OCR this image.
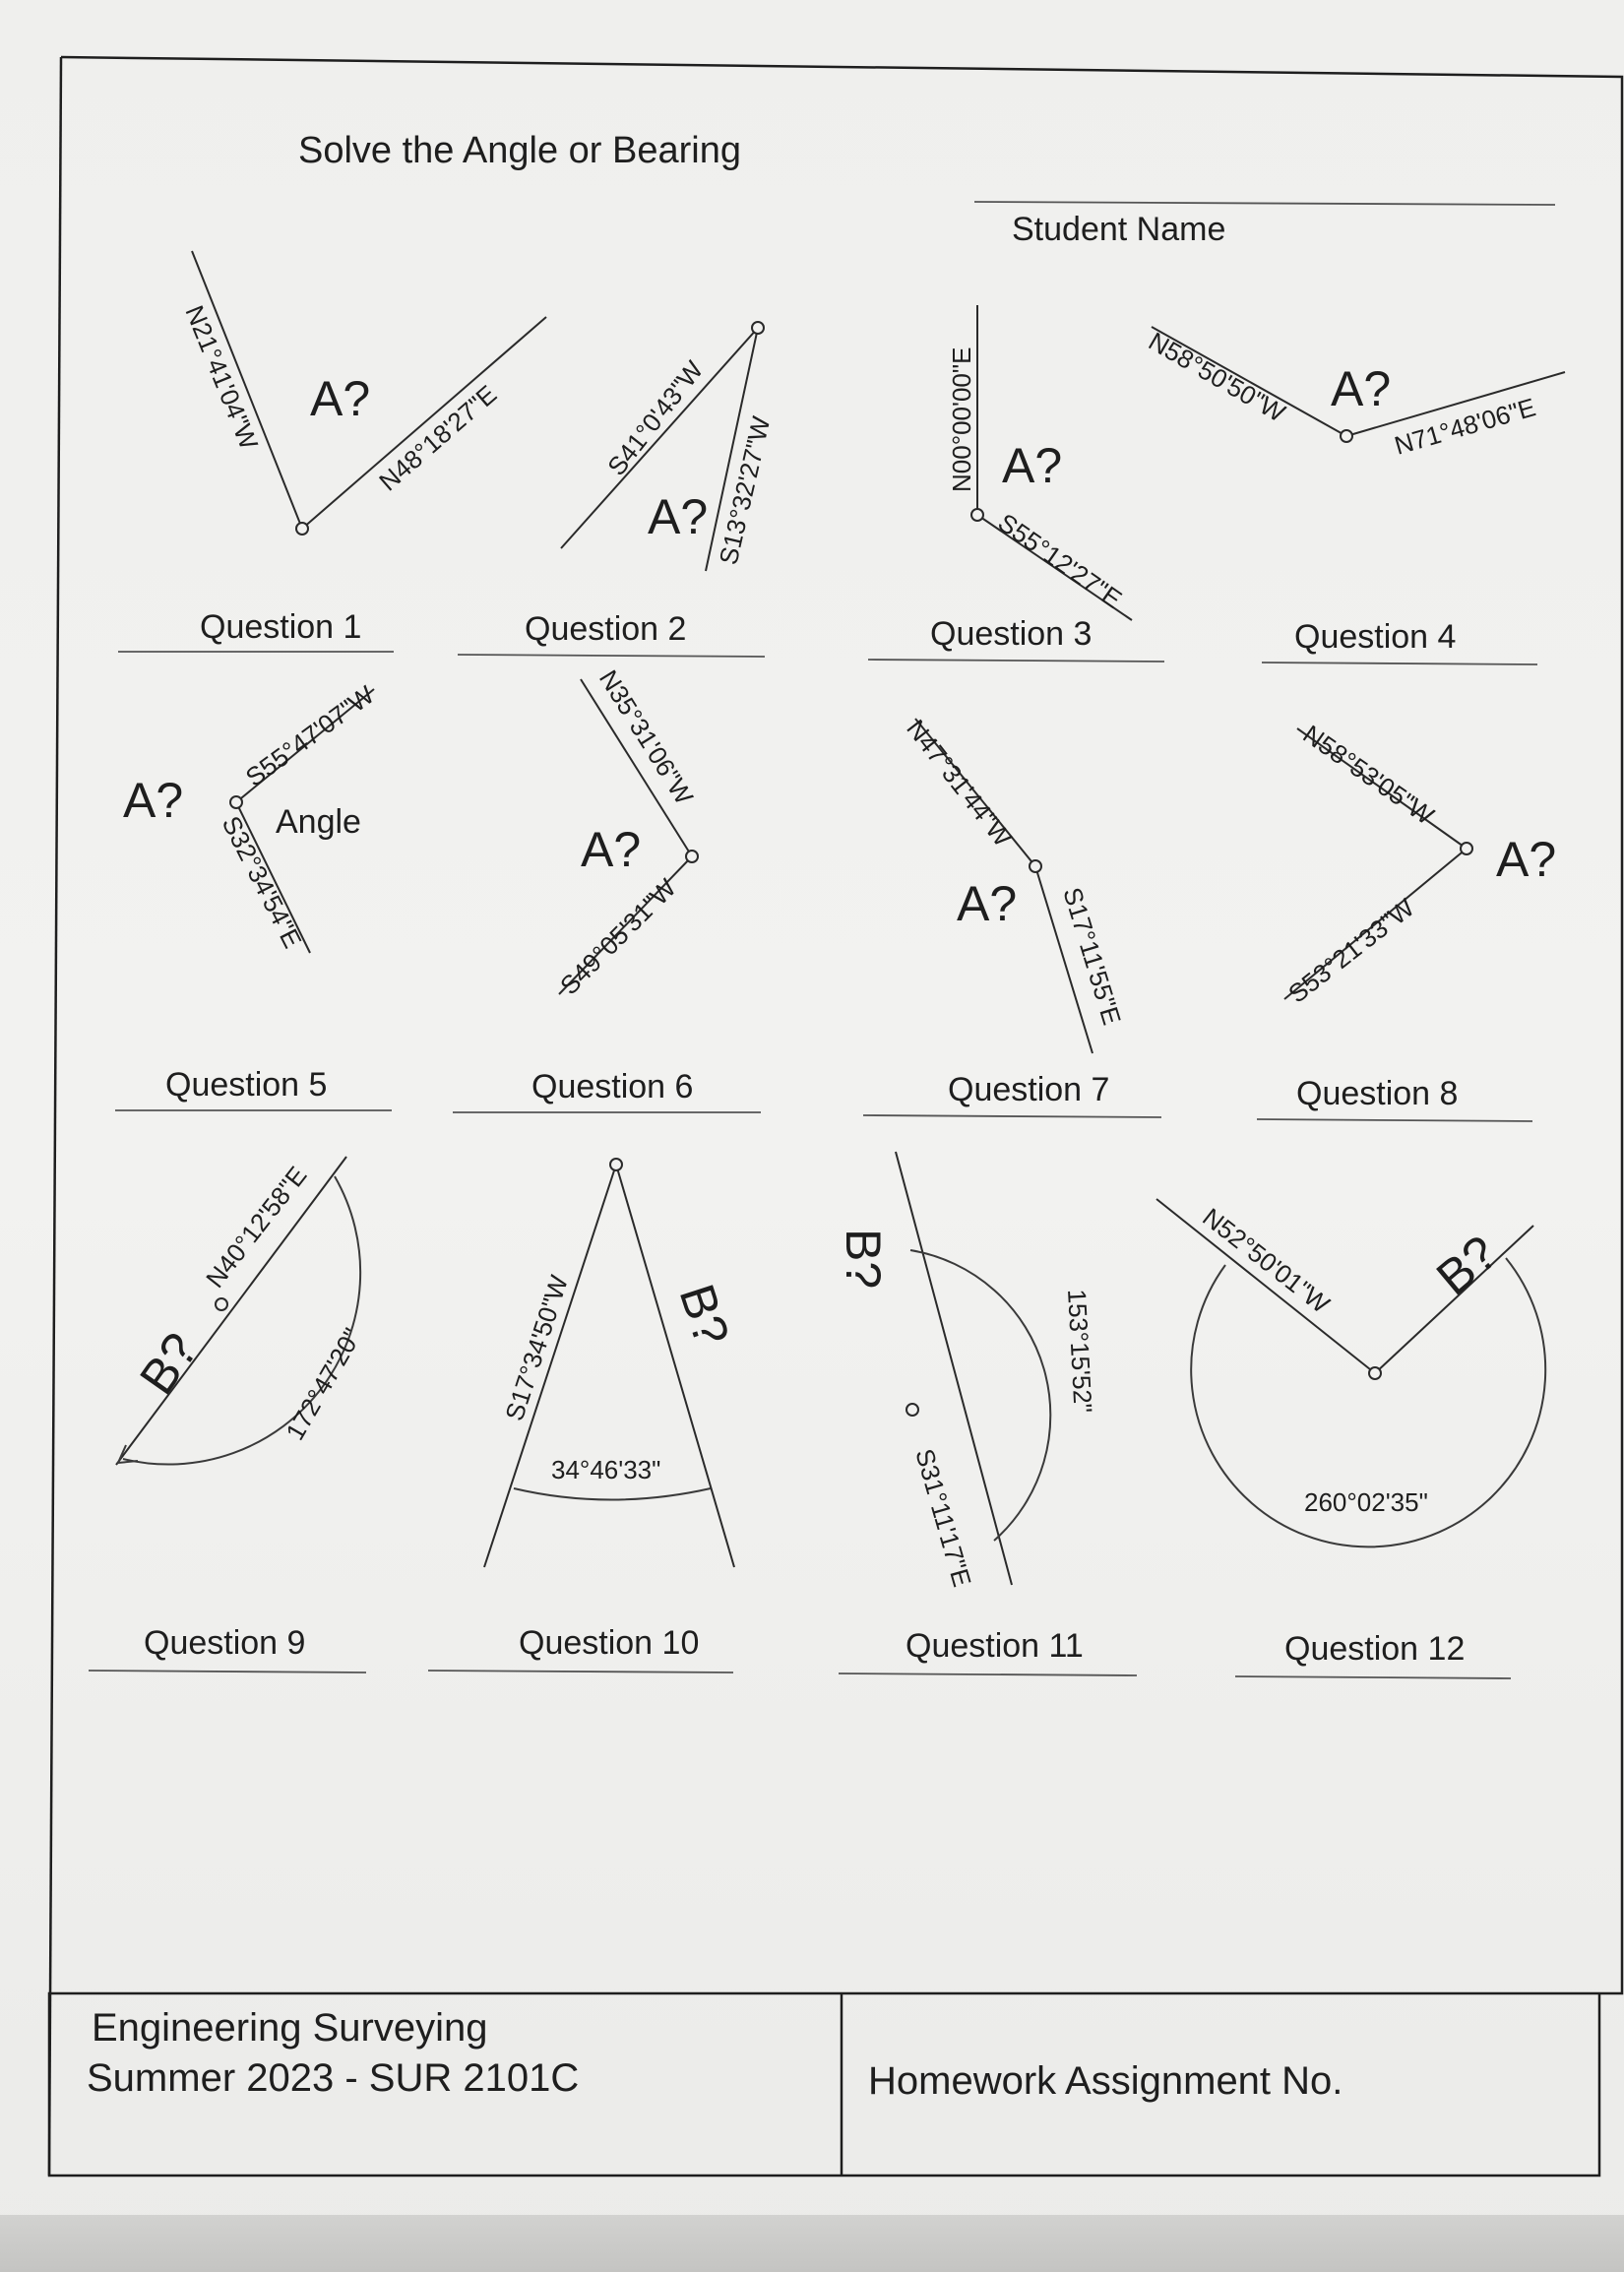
Solve the Angle or Bearing
Student Name
N21°41'04"W	N48°18'27"E
A?
Question 1
S41°0'43"W S13°32'27"W
A?
Question 2
N00°00'00"E
S55°12'27"E
A?
Question 3
N58°50'50"W	N71°48'06"E
A?
Question 4
S55°47'07"W
S32°34'54"E
A?	Angle
Question 5
N35°31'06"W
S49°05'31"W
A?
Question 6
N47°31'44"W
S17°11'55"E
A?
Question 7
N58°53'05"W
S53°21'33"W
A?
Question 8
N40°12'58"E
172°47'20"
B?
Question 9
S17°34'50"W
34°46'33"
B?
Question 10
S31°11'17"E
153°15'52"
B?
Question 11
N52°50'01"W
260°02'35"
B?
Question 12
Engineering Surveying
Summer 2023 - SUR 2101C	Homework Assignment No.
